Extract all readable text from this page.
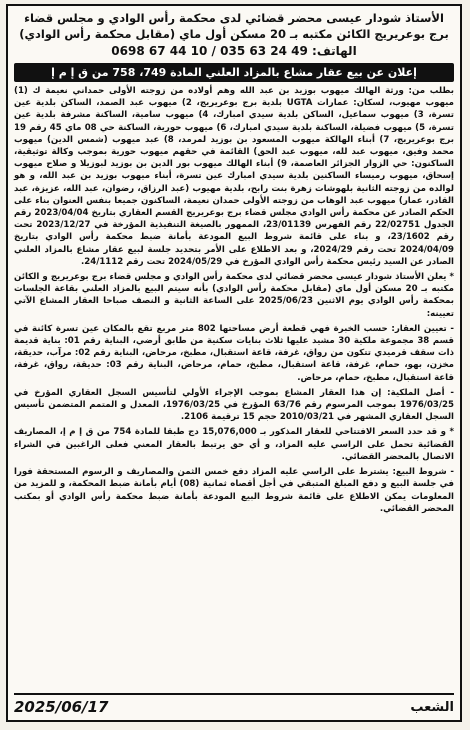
الأستاذ شودار عيسى محضر قضائي لدى محكمة رأس الوادي و مجلس قضاء
برج بوعريريج الكائن مكتبه بـ 20 مسكن أول ماي (مقابل محكمة رأس الوادي)
الهاتف: 49 24 63 035 / 10 44 67 0698
إعلان عن بيع عقار مشاع بالمزاد العلني المادة 749، 758 من ق إ م إ

بطلب من: ورثة الهالك ميهوب بوزيد بن عبد الله وهم أولاده من زوجته الأولى حمداني نعيمة ك (1) ميهوب مهيوب، لسكان: عمارات UGTA بلدية برج بوعريريج، 2) ميهوب عبد الصمد، الساكن بلدية عين تسرة، 3) ميهوب سماعيل، الساكن بلدية سيدي امبارك، 4) ميهوب سامية، الساكنة مشرفة بلدية عين تسرة، 5) ميهوب فضيلة، الساكنة بلدية سيدي امبارك، 6) ميهوب حورية، الساكنة حي 08 ماي 45 رقم 19 برج بوعريريج، 7) أبناء الهالكة ميهوب المسعود بن بوزيد لمرمد، 8) عبد ميهوب (شمس الدين) ميهوب محمد وفيق، ميهوب عبد لله، ميهوب عبد الحق) القائمة في حقهم ميهوب حورية بموجب وكالة توثيقية، الساكنون: حي الزوار الجزائر العاصمة، 9) أبناء الهالك ميهوب بور الدين بن بوزيد لبوزيلا و صلاح ميهوب إسحاق، ميهوب رميساء الساكنين بلدية سيدي امبارك عين تسرة، أبناء ميهوب بوزيد بن عبد الله، و هو لوالده من زوجته الثانية بلهوشات زهرة بنت رابح، بلدية مهيوب (عبد الرزاق، رضوان، عبد الله، عزيزة، عبد القادر، عمار) ميهوب عبد الوهاب من زوجته الأولى حمدان نعيمة، الساكنون جميعا بنفس العنوان بناء على الحكم الصادر عن محكمة رأس الوادي مجلس قضاء برج بوعريريج القسم العقاري بتاريخ 2023/04/04 رقم الجدول 22/02751 رقم الفهرس 23/01139، الممهور بالصيغة التنفيذية المؤرخة في 2023/12/27 تحت رقم 23/1602، و بناء على قائمة شروط البيع المودعة بأمانة ضبط محكمة رأس الوادي بتاريخ 2024/04/09 تحت رقم 2024/29، و بعد الاطلاع على الأمر بتحديد جلسة لبيع عقار مشاع بالمزاد العلني الصادر عن السيد رئيس محكمة رأس الوادي المؤرخ في 2024/05/29 تحت رقم 24/1112.

* يعلن الأستاذ شودار عيسى محضر قضائي لدى محكمة رأس الوادي و مجلس قضاء برج بوعريريج و الكائن مكتبه بـ 20 مسكن أول ماي (مقابل محكمة رأس الوادي) بأنه سيتم البيع بالمزاد العلني بقاعة الجلسات بمحكمة رأس الوادي يوم الاثنين 2025/06/23 على الساعة الثانية و النصف صباحا العقار المشاع الآتي تعيينه:

- تعيين العقار: حسب الخبرة فهي قطعة أرض مساحتها 802 متر مربع تقع بالمكان عين تسرة كائنة في قسم 38 مجموعة ملكية 30 مشيد عليها ثلاث بنايات سكنية من طابق أرضي، البناية رقم 01: بناية قديمة ذات سقف قرميدي تتكون من رواق، غرفة، قاعة استقبال، مطبخ، مرحاض، البناية رقم 02: مرآب، حديقة، مخزن، بهو، حمام، غرفة، قاعة استقبال، مطبخ، حمام، مرحاض، البناية رقم 03: حديقة، رواق، غرفة، قاعة استقبال، مطبخ، حمام، مرحاض.

- أصل الملكية: إن هذا العقار المشاع بموجب الإجراء الأولي لتأسيس السجل العقاري المؤرخ في 1976/03/25 بموجب المرسوم رقم 63/76 المؤرخ في 1976/03/25، المعدل و المتمم المتضمن تأسيس السجل العقاري المشهر في 2010/03/21 حجم 15 ترقيمة 2106.

* و قد حدد السعر الافتتاحي للعقار المذكور بـ 15,076,000 دج طبقا للمادة 754 من ق إ م إ، المصاريف القضائية تحمل على الراسي عليه المزاد، و أي حق يرتبط بالعقار المعني فعلى الراغبين في الشراء الاتصال بالمحضر القضائي.

- شروط البيع: يشترط على الراسي عليه المزاد دفع خمس الثمن والمصاريف و الرسوم المستحقة فورا في جلسة البيع و دفع المبلغ المتبقي في أجل أقصاه ثمانية (08) أيام بأمانة ضبط المحكمة، و للمزيد من المعلومات يمكن الاطلاع على قائمة شروط البيع المودعة بأمانة ضبط محكمة رأس الوادي أو بمكتب المحضر القضائي.

2025/06/17	الشعب
